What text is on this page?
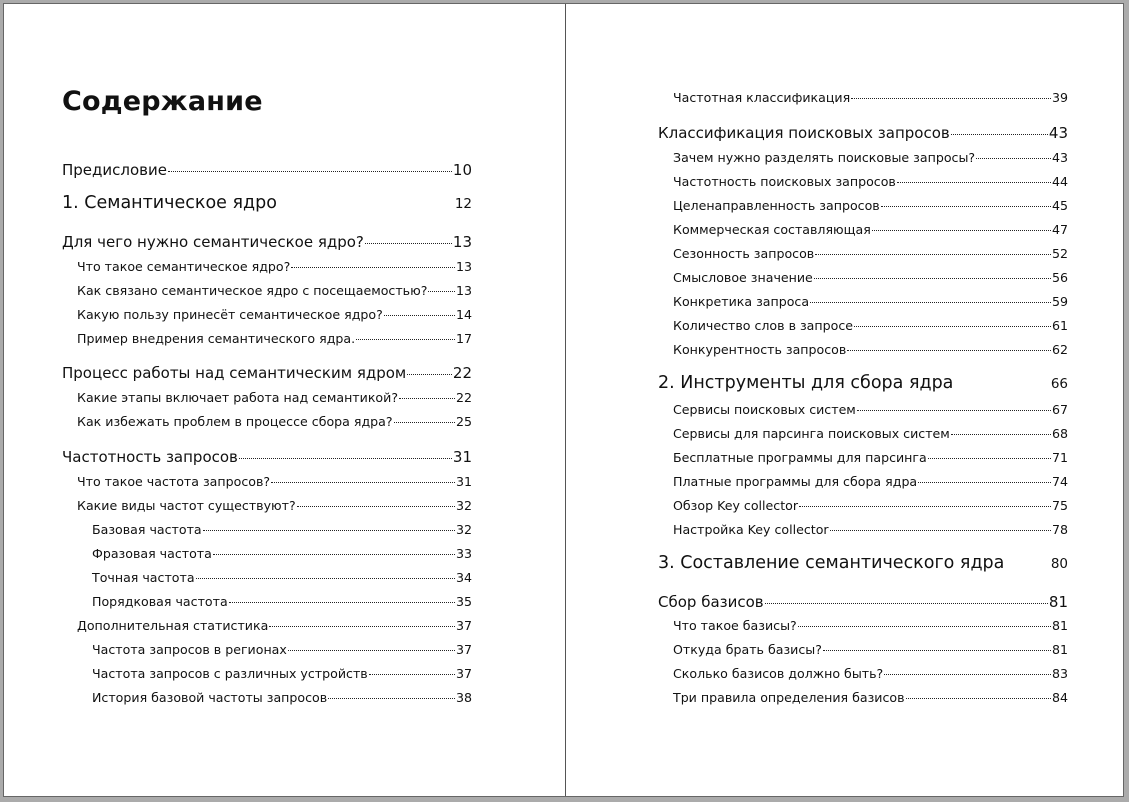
Содержание
Предисловие	10
1. Семантическое ядро	12
Для чего нужно семантическое ядро?	13
Что такое семантическое ядро?	13
Как связано семантическое ядро с посещаемостью? 13
Какую пользу принесёт семантическое ядро?	14
Пример внедрения семантического ядра.	17
Процесс работы над семантическим ядром	22
Какие этапы включает работа над семантикой?	22
Как избежать проблем в процессе сбора ядра?	25
Частотность запросов	31
Что такое частота запросов?	31
Какие виды частот существуют?	32
Базовая частота	32
Фразовая частота	33
Точная частота	34
Порядковая частота	35
Дополнительная статистика	37
Частота запросов в регионах	37
Частота запросов с различных устройств	37
История базовой частоты запросов	38
Частотная классификация	39
Классификация поисковых запросов	43
Зачем нужно разделять поисковые запросы?	43
Частотность поисковых запросов	44
Целенаправленность запросов	45
Коммерческая составляющая	47
Сезонность запросов	52
Смысловое значение	56
Конкретика запроса	59
Количество слов в запросе	61
Конкурентность запросов	62
2. Инструменты для сбора ядра	66
Сервисы поисковых систем	67
Сервисы для парсинга поисковых систем	68
Бесплатные программы для парсинга	71
Платные программы для сбора ядра	74
Обзор Key collector	75
Настройка Key collector	78
3. Составление семантического ядра	80
Сбор базисов	81
Что такое базисы?	81
Откуда брать базисы?	81
Сколько базисов должно быть?	83
Три правила определения базисов	84
